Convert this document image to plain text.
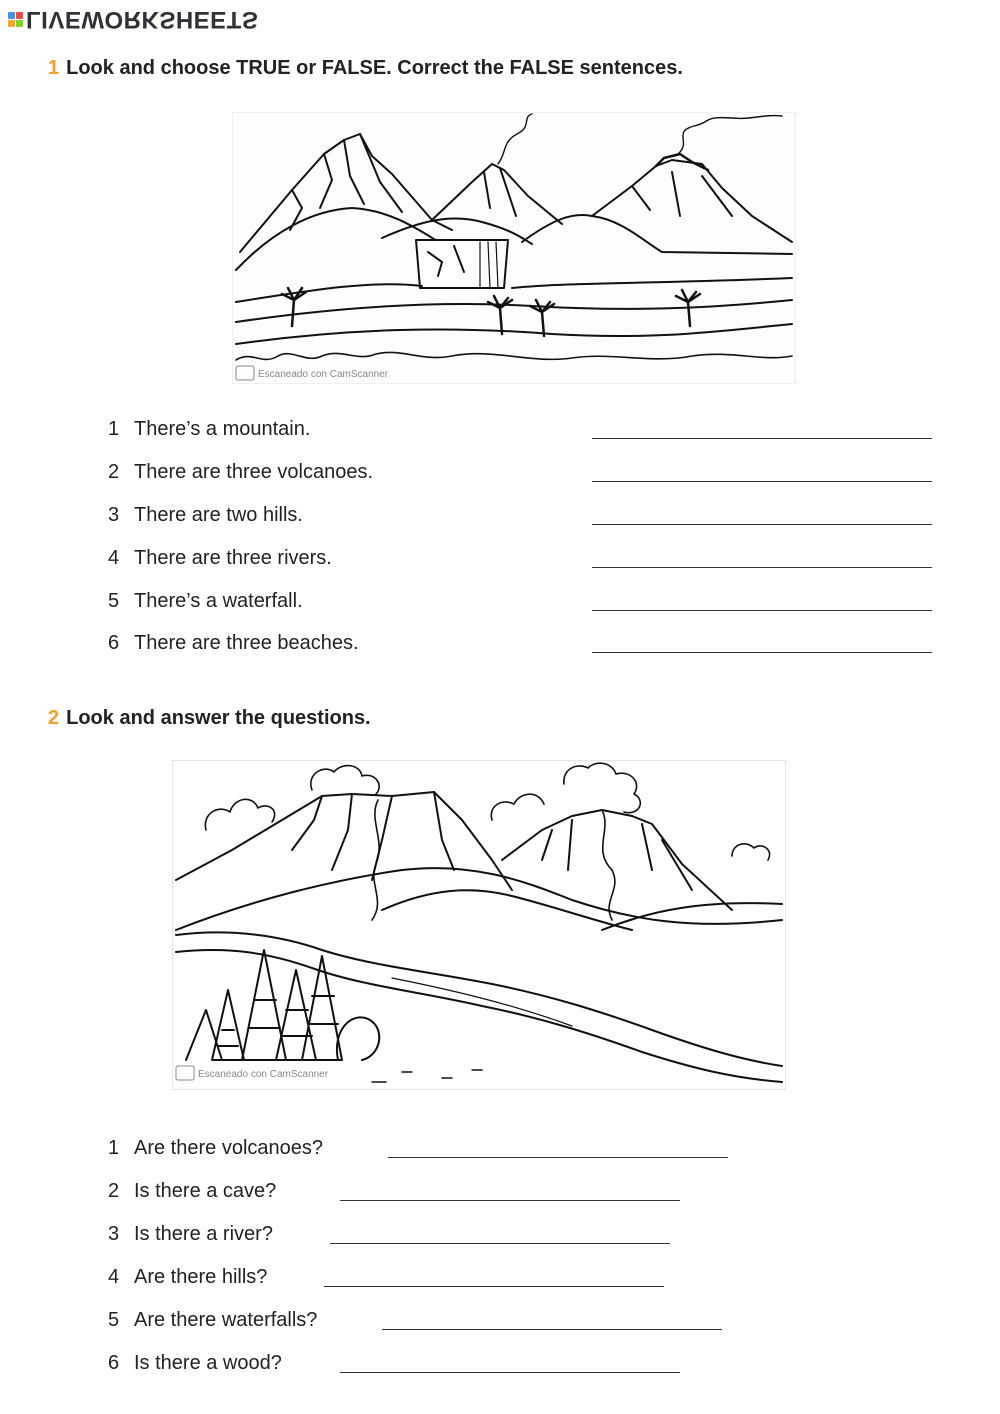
LIVEWORKSHEETS
1 Look and choose TRUE or FALSE. Correct the FALSE sentences.
Escaneado con CamScanner
1 There’s a mountain.
2 There are three volcanoes.
3 There are two hills.
4 There are three rivers.
5 There’s a waterfall.
6 There are three beaches.
2 Look and answer the questions.
Escaneado con CamScanner
1 Are there volcanoes?
2 Is there a cave?
3 Is there a river?
4 Are there hills?
5 Are there waterfalls?
6 Is there a wood?
